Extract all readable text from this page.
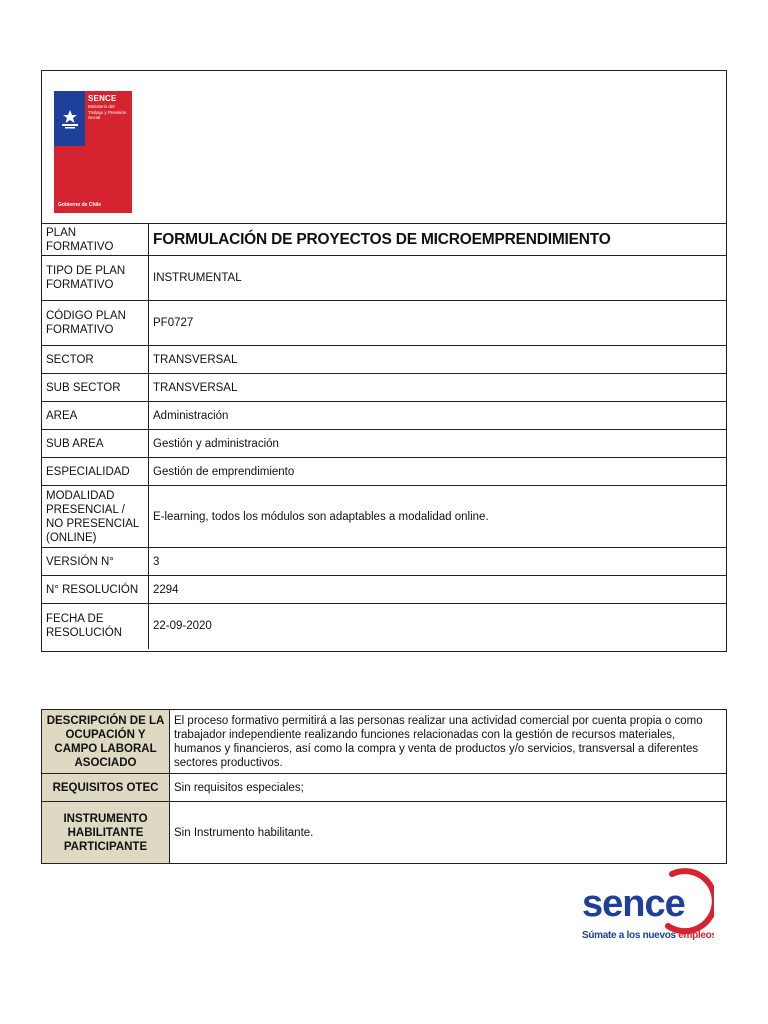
SENCE
Ministerio del Trabajo y Previsión Social
Gobierno de Chile
PLAN FORMATIVO	FORMULACIÓN DE PROYECTOS DE MICROEMPRENDIMIENTO
TIPO DE PLAN FORMATIVO	INSTRUMENTAL
CÓDIGO PLAN FORMATIVO	PF0727
SECTOR	TRANSVERSAL
SUB SECTOR	TRANSVERSAL
AREA	Administración
SUB AREA	Gestión y administración
ESPECIALIDAD	Gestión de emprendimiento
MODALIDAD PRESENCIAL / NO PRESENCIAL (ONLINE)	E-learning, todos los módulos son adaptables a modalidad online.
VERSIÓN N°	3
N° RESOLUCIÓN	2294
FECHA DE RESOLUCIÓN	22-09-2020
DESCRIPCIÓN DE LA OCUPACIÓN Y CAMPO LABORAL ASOCIADO	El proceso formativo permitirá a las personas realizar una actividad comercial por cuenta propia o como trabajador independiente realizando funciones relacionadas con la gestión de recursos materiales, humanos y financieros, así como la compra y venta de productos y/o servicios, transversal a diferentes sectores productivos.
REQUISITOS OTEC	Sin requisitos especiales;
INSTRUMENTO HABILITANTE PARTICIPANTE	Sin Instrumento habilitante.
sence
Súmate a los nuevos empleos
